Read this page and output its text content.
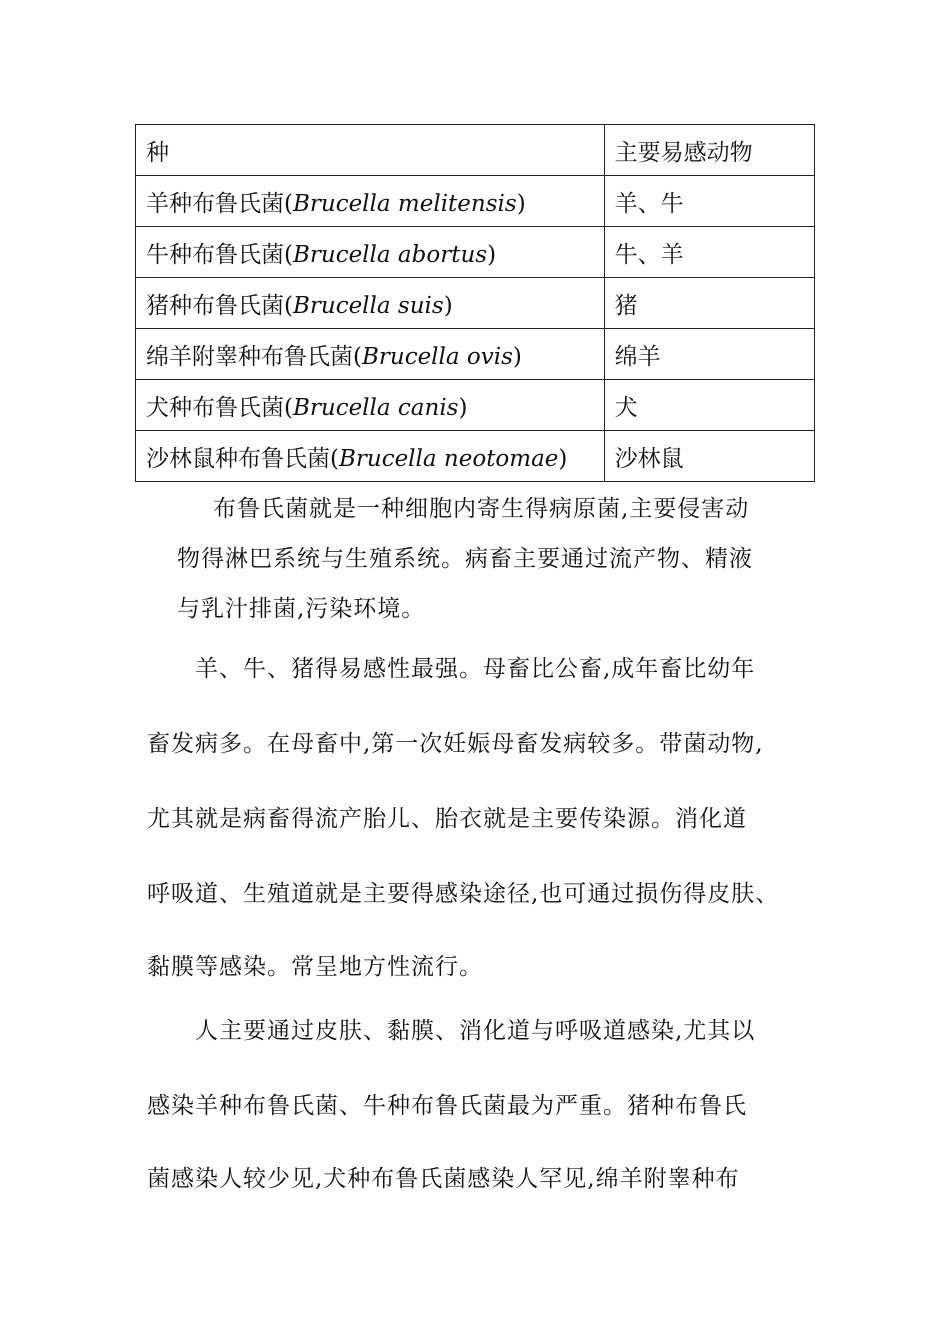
种	主要易感动物
羊种布鲁氏菌(Brucella melitensis)	羊、牛
牛种布鲁氏菌(Brucella abortus)	牛、羊
猪种布鲁氏菌(Brucella suis)	猪
绵羊附睾种布鲁氏菌(Brucella ovis)	绵羊
犬种布鲁氏菌(Brucella canis)	犬
沙林鼠种布鲁氏菌(Brucella neotomae)	沙林鼠
布鲁氏菌就是一种细胞内寄生得病原菌,主要侵害动
物得淋巴系统与生殖系统。病畜主要通过流产物、精液
与乳汁排菌,污染环境。
羊、牛、猪得易感性最强。母畜比公畜,成年畜比幼年
畜发病多。在母畜中,第一次妊娠母畜发病较多。带菌动物,
尤其就是病畜得流产胎儿、胎衣就是主要传染源。消化道
呼吸道、生殖道就是主要得感染途径,也可通过损伤得皮肤、
黏膜等感染。常呈地方性流行。
人主要通过皮肤、黏膜、消化道与呼吸道感染,尤其以
感染羊种布鲁氏菌、牛种布鲁氏菌最为严重。猪种布鲁氏
菌感染人较少见,犬种布鲁氏菌感染人罕见,绵羊附睾种布
